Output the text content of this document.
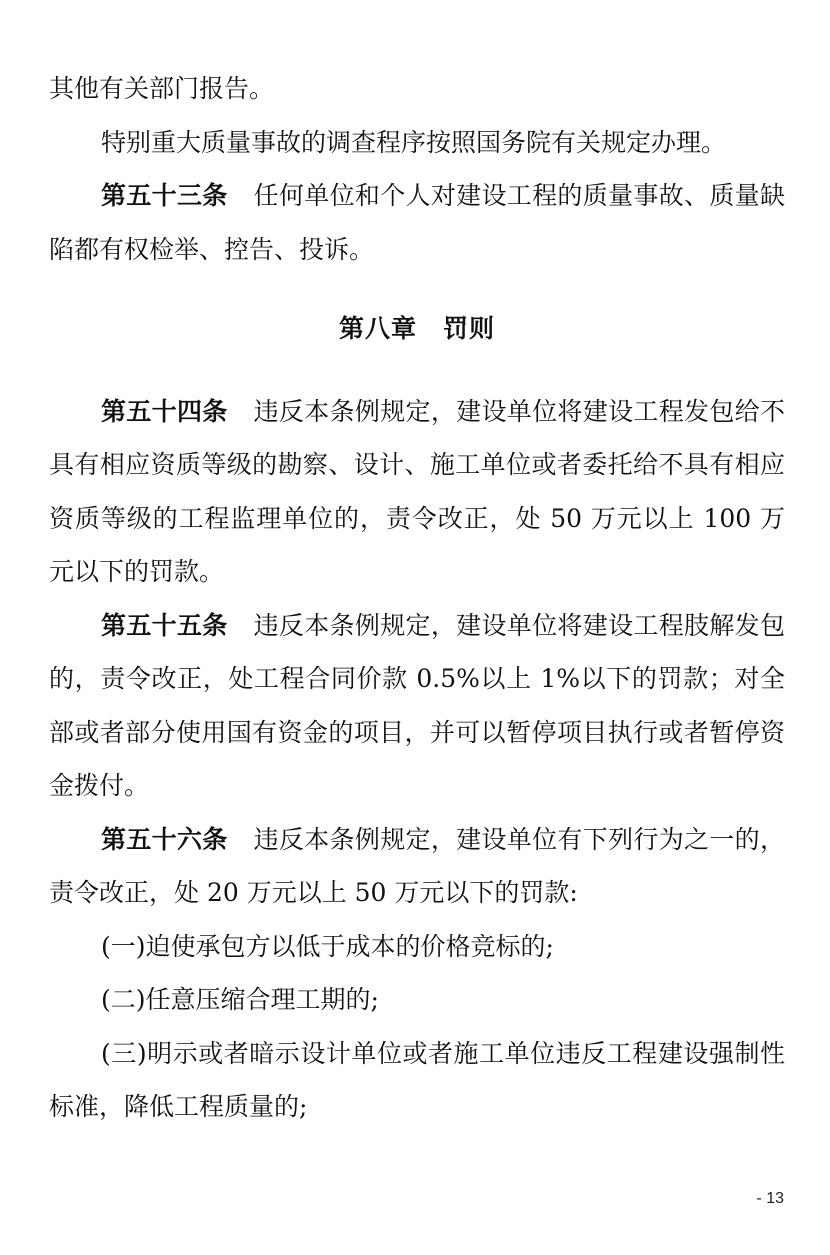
其他有关部门报告。

特别重大质量事故的调查程序按照国务院有关规定办理。

第五十三条 任何单位和个人对建设工程的质量事故、质量缺陷都有权检举、控告、投诉。

第八章　罚则

第五十四条 违反本条例规定，建设单位将建设工程发包给不具有相应资质等级的勘察、设计、施工单位或者委托给不具有相应资质等级的工程监理单位的，责令改正，处 50 万元以上 100 万元以下的罚款。

第五十五条 违反本条例规定，建设单位将建设工程肢解发包的，责令改正，处工程合同价款 0.5%以上 1%以下的罚款；对全部或者部分使用国有资金的项目，并可以暂停项目执行或者暂停资金拨付。

第五十六条 违反本条例规定，建设单位有下列行为之一的，责令改正，处 20 万元以上 50 万元以下的罚款:

(一)迫使承包方以低于成本的价格竞标的;

(二)任意压缩合理工期的;

(三)明示或者暗示设计单位或者施工单位违反工程建设强制性标准，降低工程质量的;

- 13
